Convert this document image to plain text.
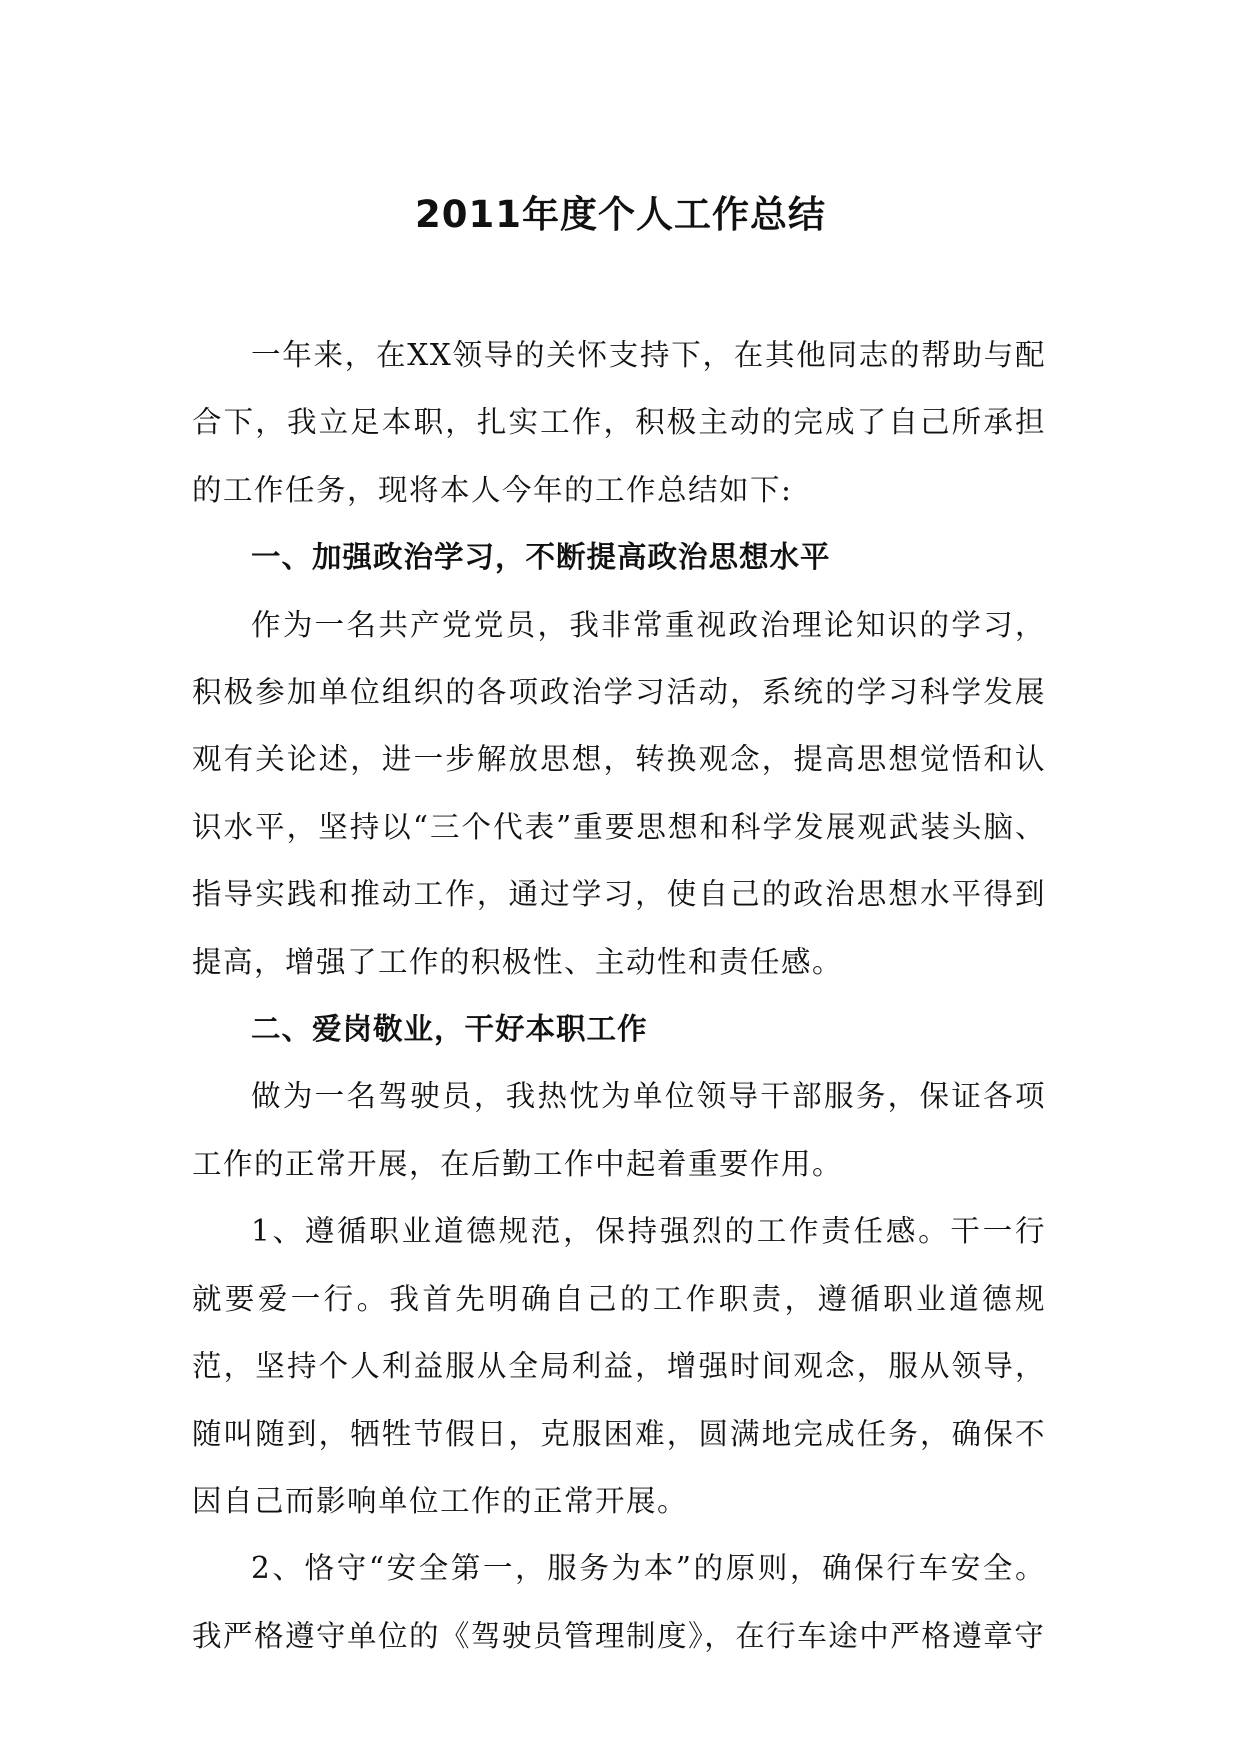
2011年度个人工作总结

一年来，在XX领导的关怀支持下，在其他同志的帮助与配合下，我立足本职，扎实工作，积极主动的完成了自己所承担的工作任务，现将本人今年的工作总结如下:

一、加强政治学习，不断提高政治思想水平

作为一名共产党党员，我非常重视政治理论知识的学习，积极参加单位组织的各项政治学习活动，系统的学习科学发展观有关论述，进一步解放思想，转换观念，提高思想觉悟和认识水平，坚持以“三个代表”重要思想和科学发展观武装头脑、指导实践和推动工作，通过学习，使自己的政治思想水平得到提高，增强了工作的积极性、主动性和责任感。

二、爱岗敬业，干好本职工作

做为一名驾驶员，我热忱为单位领导干部服务，保证各项工作的正常开展，在后勤工作中起着重要作用。

1、遵循职业道德规范，保持强烈的工作责任感。干一行就要爱一行。我首先明确自己的工作职责，遵循职业道德规范，坚持个人利益服从全局利益，增强时间观念，服从领导，随叫随到，牺牲节假日，克服困难，圆满地完成任务，确保不因自己而影响单位工作的正常开展。

2、恪守“安全第一，服务为本”的原则，确保行车安全。我严格遵守单位的《驾驶员管理制度》，在行车途中严格遵章守
